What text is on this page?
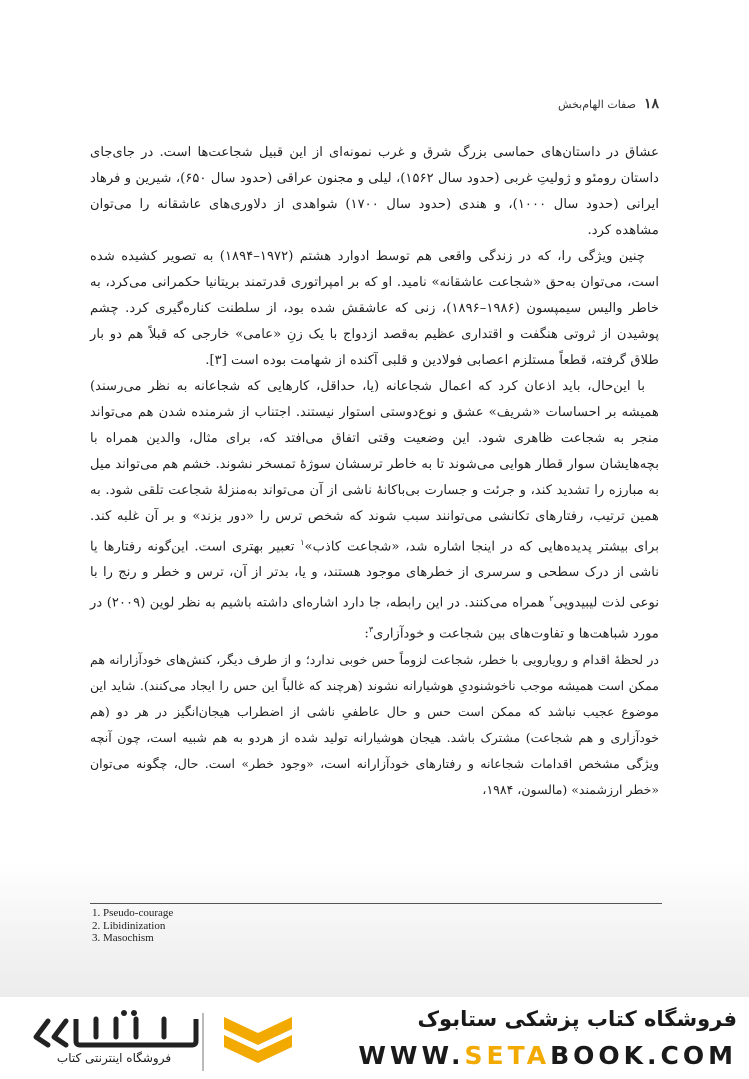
۱۸
صفات الهام‌بخش

عشاق در داستان‌های حماسی بزرگ شرق و غرب نمونه‌ای از این قبیل شجاعت‌ها است. در جای‌جای داستان رومئو و ژولیتِ غربی (حدود سال ۱۵۶۲)، لیلی و مجنون عراقی (حدود سال ۶۵۰)، شیرین و فرهاد ایرانی (حدود سال ۱۰۰۰)، و هندی (حدود سال ۱۷۰۰) شواهدی از دلاوری‌های عاشقانه را می‌توان مشاهده کرد.

چنین ویژگی را، که در زندگی واقعی هم توسط ادوارد هشتم (۱۹۷۲–۱۸۹۴) به تصویر کشیده شده است، می‌توان به‌حق «شجاعت عاشقانه» نامید. او که بر امپراتوری قدرتمند بریتانیا حکمرانی می‌کرد، به خاطر والیس سیمپسون (۱۹۸۶–۱۸۹۶)، زنی که عاشقش شده بود، از سلطنت کناره‌گیری کرد. چشم پوشیدن از ثروتی هنگفت و اقتداری عظیم به‌قصد ازدواج با یک زنِ «عامی» خارجی که قبلاً هم دو بار طلاق گرفته، قطعاً مستلزم اعصابی فولادین و قلبی آکنده از شهامت بوده است [۳].

با این‌حال، باید اذعان کرد که اعمال شجاعانه (یا، حداقل، کارهایی که شجاعانه به نظر می‌رسند) همیشه بر احساسات «شریف» عشق و نوع‌دوستی استوار نیستند. اجتناب از شرمنده شدن هم می‌تواند منجر به شجاعت ظاهری شود. این وضعیت وقتی اتفاق می‌افتد که، برای مثال، والدین همراه با بچه‌هایشان سوار قطار هوایی می‌شوند تا به خاطر ترسشان سوژهٔ تمسخر نشوند. خشم هم می‌تواند میل به مبارزه را تشدید کند، و جرئت و جسارت بی‌باکانهٔ ناشی از آن می‌تواند به‌منزلهٔ شجاعت تلقی شود. به همین ترتیب، رفتارهای تکانشی می‌توانند سبب شوند که شخص ترس را «دور بزند» و بر آن غلبه کند. برای بیشتر پدیده‌هایی که در اینجا اشاره شد، «شجاعت کاذب»$^۱$ تعبیر بهتری است. این‌گونه رفتارها یا ناشی از درک سطحی و سرسری از خطرهای موجود هستند، و یا، بدتر از آن، ترس و خطر و رنج را با نوعی لذت لیبیدویی$^۲$ همراه می‌کنند. در این رابطه، جا دارد اشاره‌ای داشته باشیم به نظر لوین (۲۰۰۹) در مورد شباهت‌ها و تفاوت‌های بین شجاعت و خودآزاری$^۳$:

در لحظهٔ اقدام و رویارویی با خطر، شجاعت لزوماً حس خوبی ندارد؛ و از طرف دیگر، کنش‌های خودآزارانه هم ممکن است همیشه موجب ناخوشنودیِ هوشیارانه نشوند (هرچند که غالباً این حس را ایجاد می‌کنند). شاید این موضوع عجیب نباشد که ممکن است حس و حال عاطفیِ ناشی از اضطراب هیجان‌انگیز در هر دو (هم خودآزاری و هم شجاعت) مشترک باشد. هیجان هوشیارانه تولید شده از هردو به هم شبیه است، چون آنچه ویژگی مشخص اقدامات شجاعانه و رفتارهای خودآزارانه است، «وجود خطر» است. حال، چگونه می‌توان «خطر ارزشمند» (مالسون، ۱۹۸۴،

1. Pseudo-courage
2. Libidinization
3. Masochism
فروشگاه اینترنتی کتاب
فروشگاه کتاب پزشکی ستابوک
WWW.SETABOOK.COM
